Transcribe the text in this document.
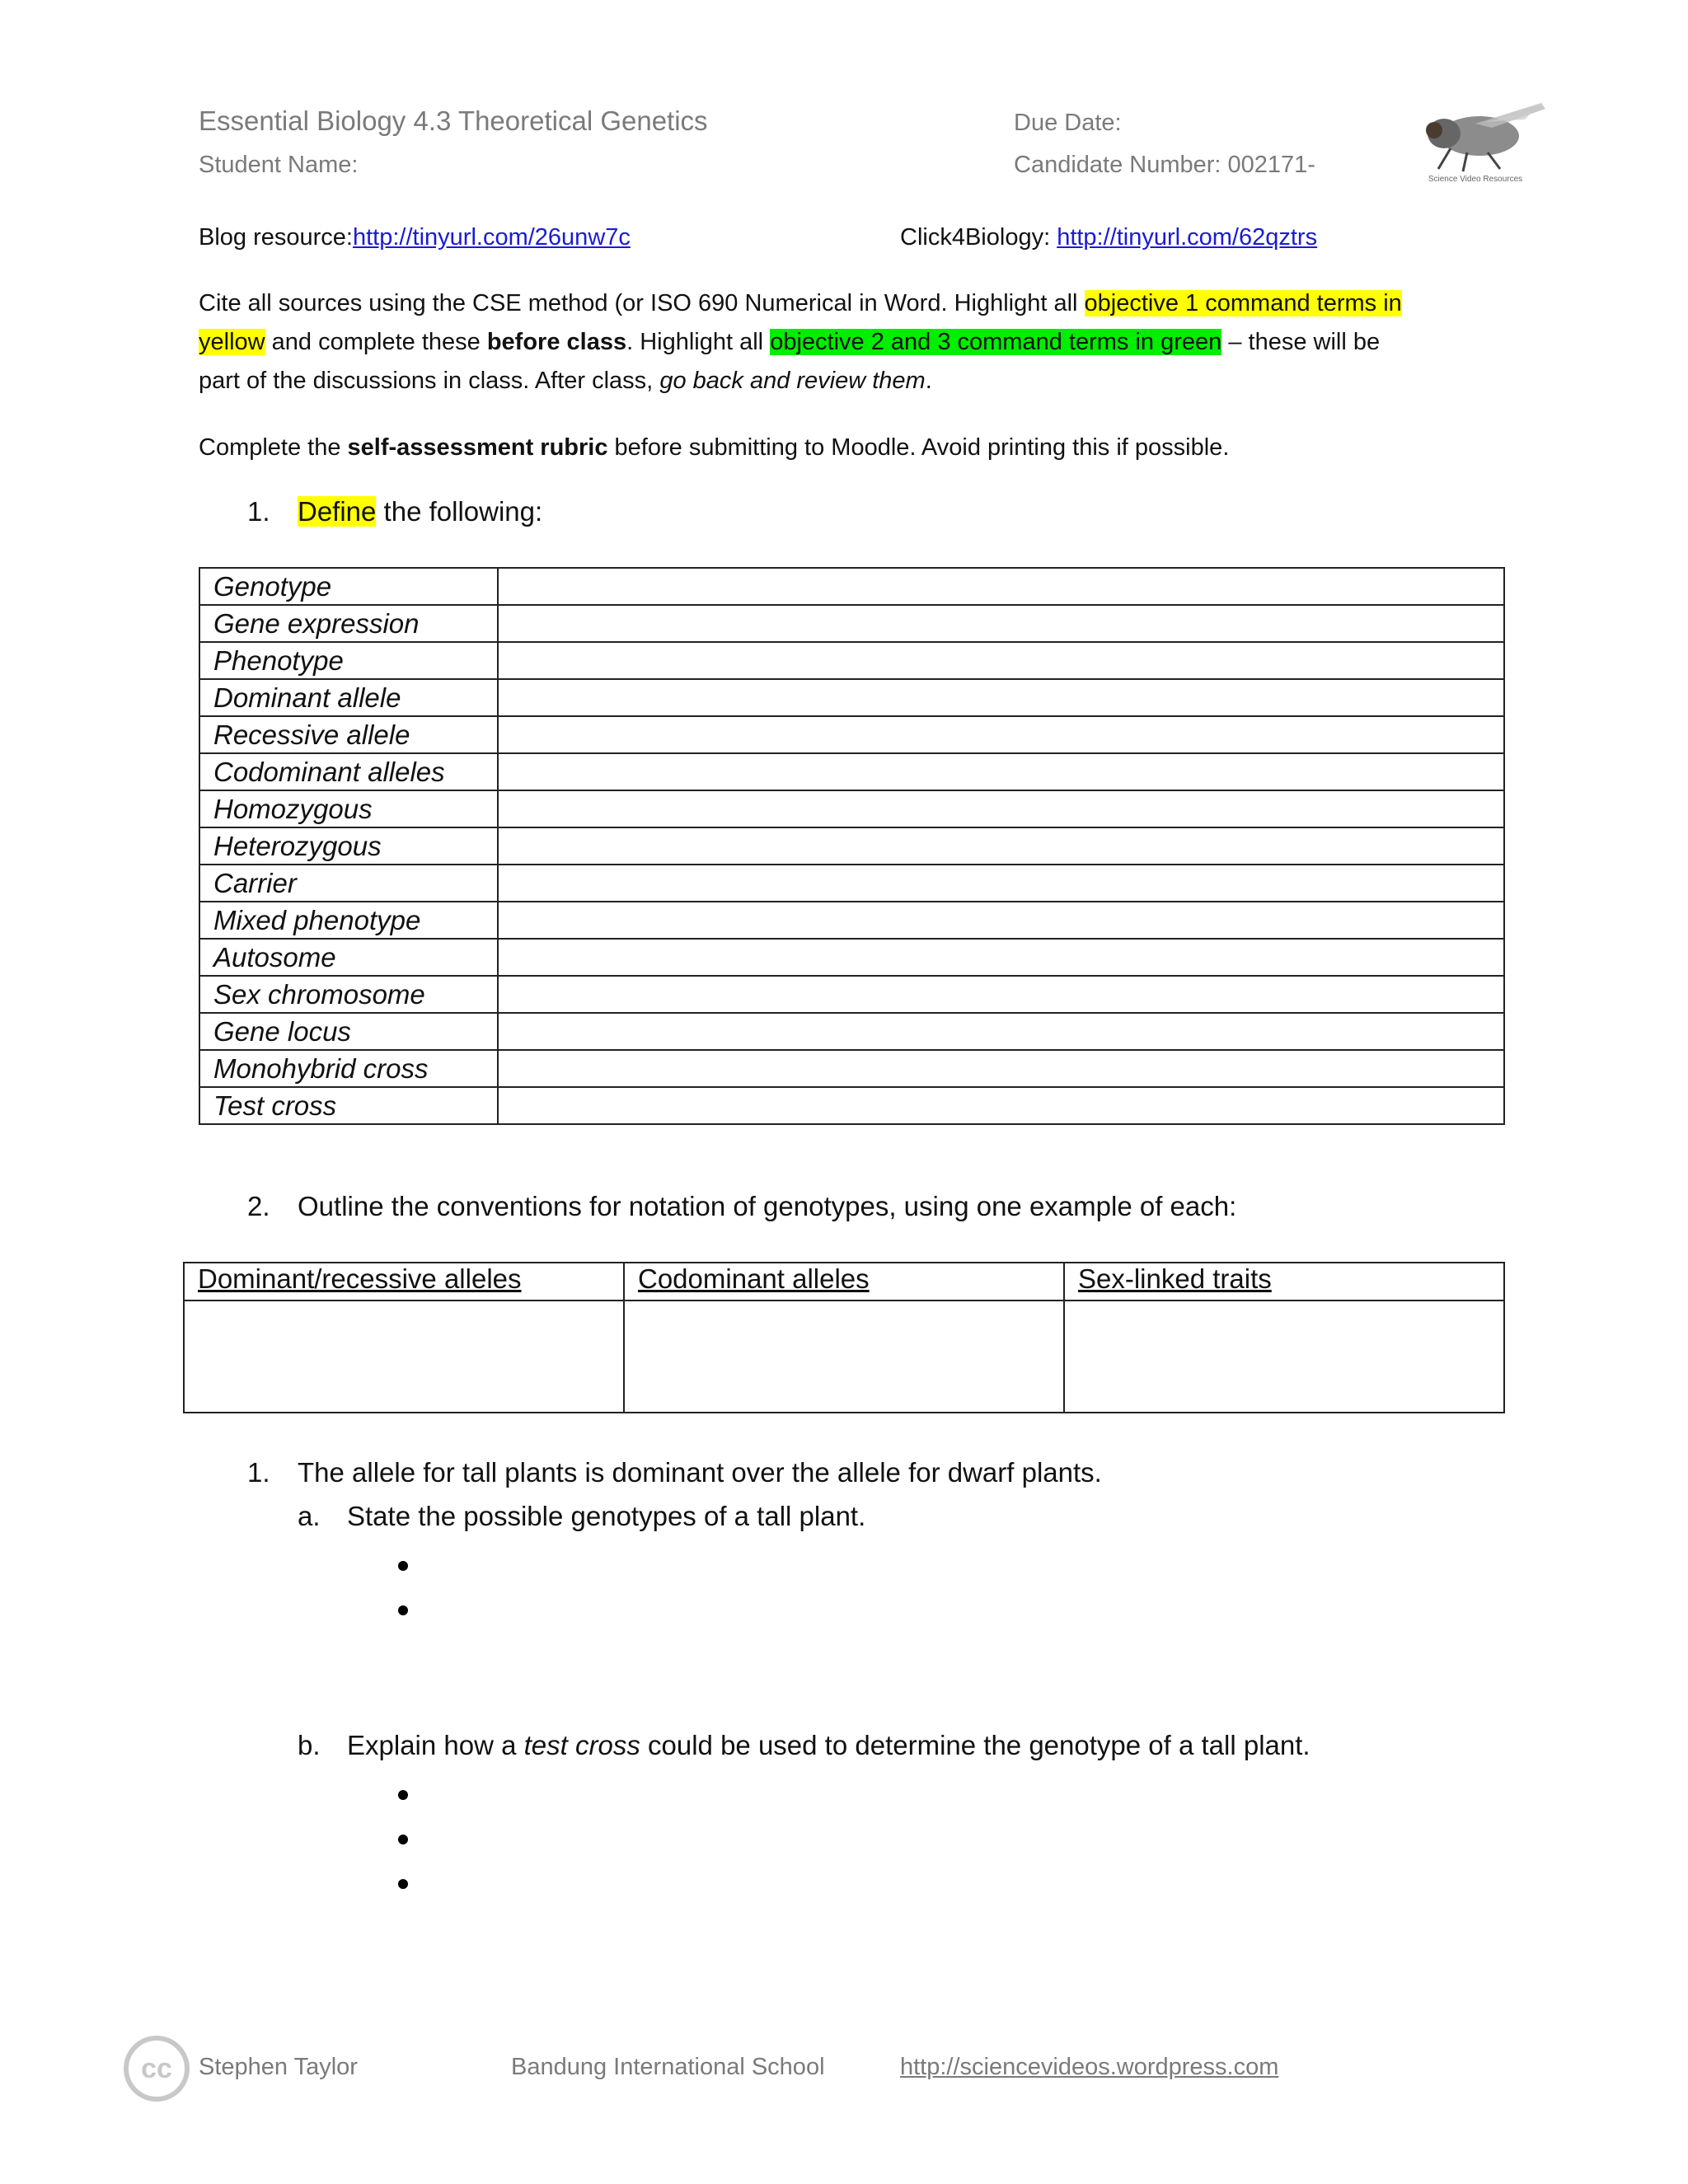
Essential Biology 4.3 Theoretical Genetics
Student Name:
Due Date:
Candidate Number: 002171-
Science Video Resources
Blog resource:http://tinyurl.com/26unw7c	Click4Biology: http://tinyurl.com/62qztrs
Cite all sources using the CSE method (or ISO 690 Numerical in Word. Highlight all objective 1 command terms in
yellow and complete these before class. Highlight all objective 2 and 3 command terms in green – these will be
part of the discussions in class. After class, go back and review them.
Complete the self-assessment rubric before submitting to Moodle. Avoid printing this if possible.
1. Define the following:
Genotype	
Gene expression	
Phenotype	
Dominant allele	
Recessive allele	
Codominant alleles	
Homozygous	
Heterozygous	
Carrier	
Mixed phenotype	
Autosome	
Sex chromosome	
Gene locus	
Monohybrid cross	
Test cross	
2. Outline the conventions for notation of genotypes, using one example of each:
Dominant/recessive alleles	Codominant alleles	Sex-linked traits

1. The allele for tall plants is dominant over the allele for dwarf plants.
a. State the possible genotypes of a tall plant.
b. Explain how a test cross could be used to determine the genotype of a tall plant.
cc	Stephen Taylor	Bandung International School	http://sciencevideos.wordpress.com
